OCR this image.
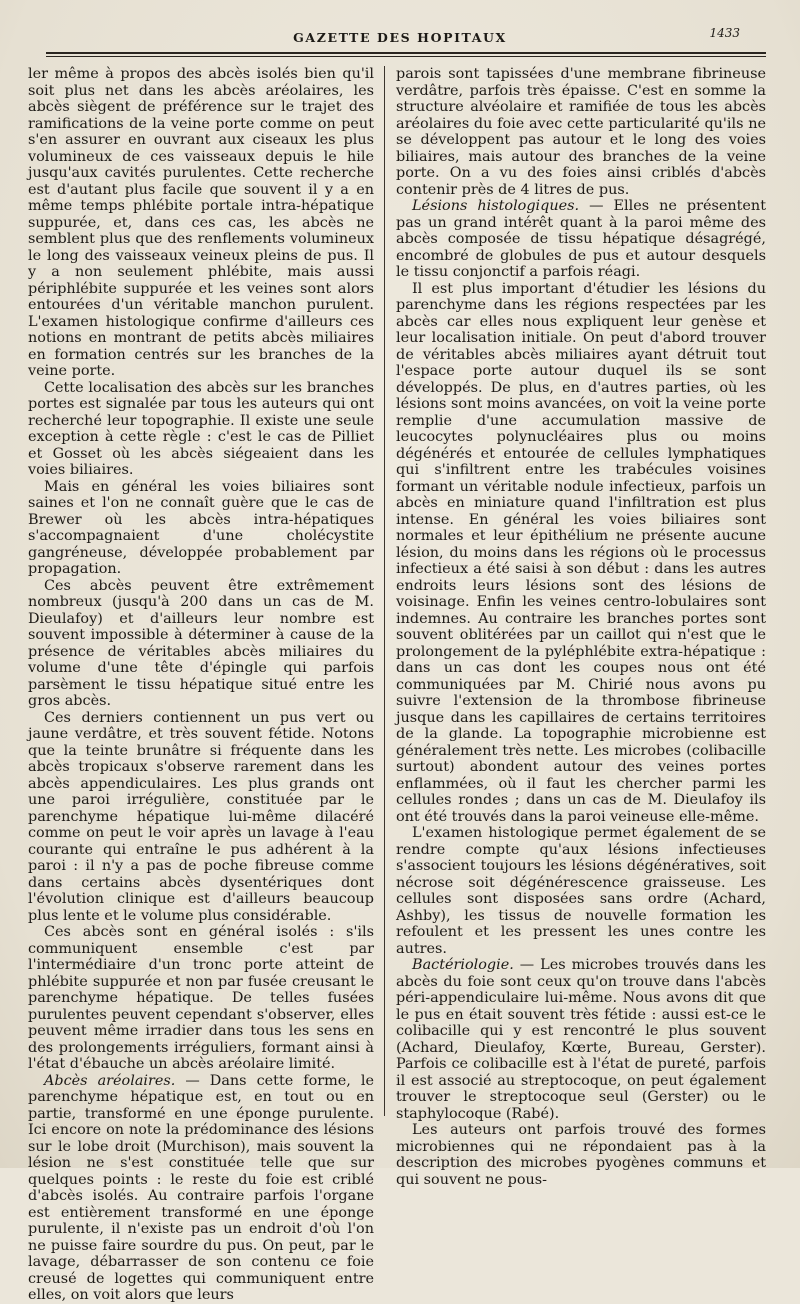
GAZETTE DES HOPITAUX	1433

ler même à propos des abcès isolés bien qu'il soit plus net dans les abcès aréolaires, les abcès siègent de préférence sur le trajet des ramifications de la veine porte comme on peut s'en assurer en ouvrant aux ciseaux les plus volumineux de ces vaisseaux depuis le hile jusqu'aux cavités purulentes. Cette recherche est d'autant plus facile que souvent il y a en même temps phlébite portale intra-hépatique suppurée, et, dans ces cas, les abcès ne semblent plus que des renflements volumineux le long des vaisseaux veineux pleins de pus. Il y a non seulement phlébite, mais aussi périphlébite suppurée et les veines sont alors entourées d'un véritable manchon purulent. L'examen histologique confirme d'ailleurs ces notions en montrant de petits abcès miliaires en formation centrés sur les branches de la veine porte.

Cette localisation des abcès sur les branches portes est signalée par tous les auteurs qui ont recherché leur topographie. Il existe une seule exception à cette règle : c'est le cas de Pilliet et Gosset où les abcès siégeaient dans les voies biliaires.

Mais en général les voies biliaires sont saines et l'on ne connaît guère que le cas de Brewer où les abcès intra-hépatiques s'accompagnaient d'une cholécystite gangréneuse, développée probablement par propagation.

Ces abcès peuvent être extrêmement nombreux (jusqu'à 200 dans un cas de M. Dieulafoy) et d'ailleurs leur nombre est souvent impossible à déterminer à cause de la présence de véritables abcès miliaires du volume d'une tête d'épingle qui parfois parsèment le tissu hépatique situé entre les gros abcès.

Ces derniers contiennent un pus vert ou jaune verdâtre, et très souvent fétide. Notons que la teinte brunâtre si fréquente dans les abcès tropicaux s'observe rarement dans les abcès appendiculaires. Les plus grands ont une paroi irrégulière, constituée par le parenchyme hépatique lui-même dilacéré comme on peut le voir après un lavage à l'eau courante qui entraîne le pus adhérent à la paroi : il n'y a pas de poche fibreuse comme dans certains abcès dysentériques dont l'évolution clinique est d'ailleurs beaucoup plus lente et le volume plus considérable.

Ces abcès sont en général isolés : s'ils communiquent ensemble c'est par l'intermédiaire d'un tronc porte atteint de phlébite suppurée et non par fusée creusant le parenchyme hépatique. De telles fusées purulentes peuvent cependant s'observer, elles peuvent même irradier dans tous les sens en des prolongements irréguliers, formant ainsi à l'état d'ébauche un abcès aréolaire limité.

Abcès aréolaires. — Dans cette forme, le parenchyme hépatique est, en tout ou en partie, transformé en une éponge purulente. Ici encore on note la prédominance des lésions sur le lobe droit (Murchison), mais souvent la lésion ne s'est constituée telle que sur quelques points : le reste du foie est criblé d'abcès isolés. Au contraire parfois l'organe est entièrement transformé en une éponge purulente, il n'existe pas un endroit d'où l'on ne puisse faire sourdre du pus. On peut, par le lavage, débarrasser de son contenu ce foie creusé de logettes qui communiquent entre elles, on voit alors que leurs

parois sont tapissées d'une membrane fibrineuse verdâtre, parfois très épaisse. C'est en somme la structure alvéolaire et ramifiée de tous les abcès aréolaires du foie avec cette particularité qu'ils ne se développent pas autour et le long des voies biliaires, mais autour des branches de la veine porte. On a vu des foies ainsi criblés d'abcès contenir près de 4 litres de pus.

Lésions histologiques. — Elles ne présentent pas un grand intérêt quant à la paroi même des abcès composée de tissu hépatique désagrégé, encombré de globules de pus et autour desquels le tissu conjonctif a parfois réagi.

Il est plus important d'étudier les lésions du parenchyme dans les régions respectées par les abcès car elles nous expliquent leur genèse et leur localisation initiale. On peut d'abord trouver de véritables abcès miliaires ayant détruit tout l'espace porte autour duquel ils se sont développés. De plus, en d'autres parties, où les lésions sont moins avancées, on voit la veine porte remplie d'une accumulation massive de leucocytes polynucléaires plus ou moins dégénérés et entourée de cellules lymphatiques qui s'infiltrent entre les trabécules voisines formant un véritable nodule infectieux, parfois un abcès en miniature quand l'infiltration est plus intense. En général les voies biliaires sont normales et leur épithélium ne présente aucune lésion, du moins dans les régions où le processus infectieux a été saisi à son début : dans les autres endroits leurs lésions sont des lésions de voisinage. Enfin les veines centro-lobulaires sont indemnes. Au contraire les branches portes sont souvent oblitérées par un caillot qui n'est que le prolongement de la pyléphlébite extra-hépatique : dans un cas dont les coupes nous ont été communiquées par M. Chirié nous avons pu suivre l'extension de la thrombose fibrineuse jusque dans les capillaires de certains territoires de la glande. La topographie microbienne est généralement très nette. Les microbes (colibacille surtout) abondent autour des veines portes enflammées, où il faut les chercher parmi les cellules rondes ; dans un cas de M. Dieulafoy ils ont été trouvés dans la paroi veineuse elle-même.

L'examen histologique permet également de se rendre compte qu'aux lésions infectieuses s'associent toujours les lésions dégénératives, soit nécrose soit dégénérescence graisseuse. Les cellules sont disposées sans ordre (Achard, Ashby), les tissus de nouvelle formation les refoulent et les pressent les unes contre les autres.

Bactériologie. — Les microbes trouvés dans les abcès du foie sont ceux qu'on trouve dans l'abcès péri-appendiculaire lui-même. Nous avons dit que le pus en était souvent très fétide : aussi est-ce le colibacille qui y est rencontré le plus souvent (Achard, Dieulafoy, Kœrte, Bureau, Gerster). Parfois ce colibacille est à l'état de pureté, parfois il est associé au streptocoque, on peut également trouver le streptocoque seul (Gerster) ou le staphylocoque (Rabé).

Les auteurs ont parfois trouvé des formes microbiennes qui ne répondaient pas à la description des microbes pyogènes communs et qui souvent ne pous-
